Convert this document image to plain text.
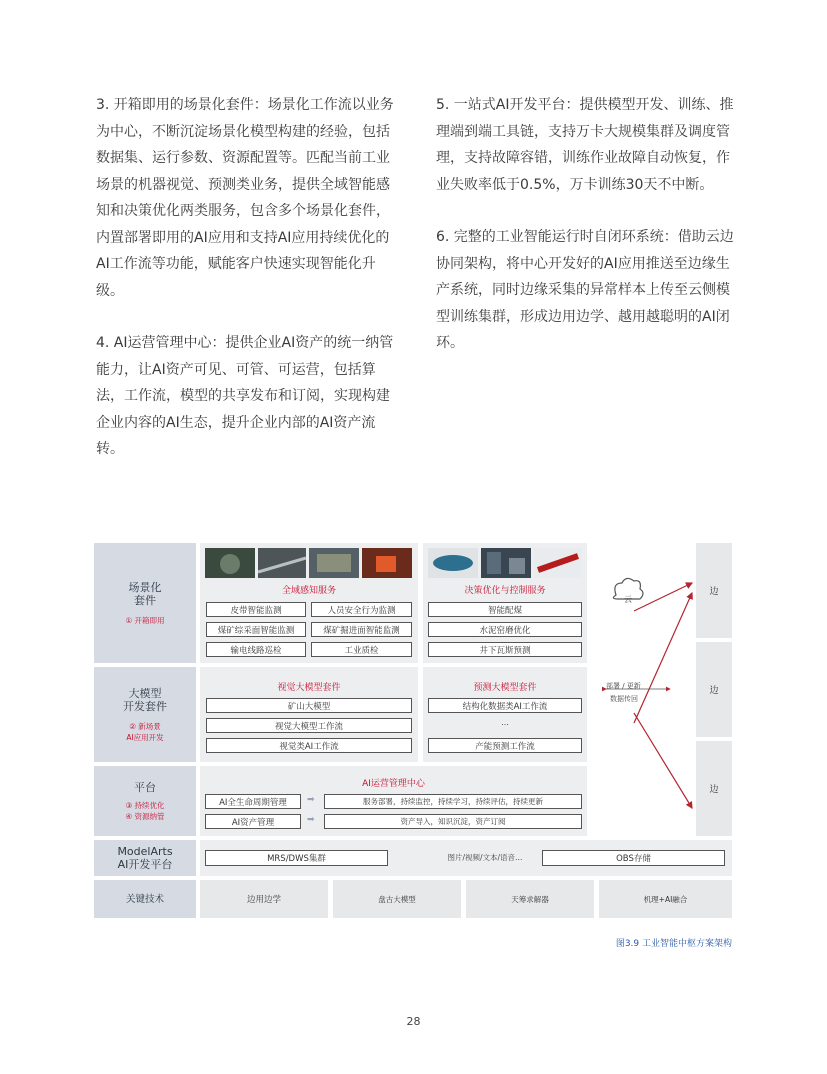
3. 开箱即用的场景化套件：场景化工作流以业务为中心，不断沉淀场景化模型构建的经验，包括数据集、运行参数、资源配置等。匹配当前工业场景的机器视觉、预测类业务，提供全域智能感知和决策优化两类服务，包含多个场景化套件，内置部署即用的AI应用和支持AI应用持续优化的AI工作流等功能，赋能客户快速实现智能化升级。

4. AI运营管理中心：提供企业AI资产的统一纳管能力，让AI资产可见、可管、可运营，包括算法，工作流，模型的共享发布和订阅，实现构建企业内容的AI生态，提升企业内部的AI资产流转。

5. 一站式AI开发平台：提供模型开发、训练、推理端到端工具链，支持万卡大规模集群及调度管理，支持故障容错，训练作业故障自动恢复，作业失败率低于0.5%，万卡训练30天不中断。

6. 完整的工业智能运行时自闭环系统：借助云边协同架构，将中心开发好的AI应用推送至边缘生产系统，同时边缘采集的异常样本上传至云侧模型训练集群，形成边用边学、越用越聪明的AI闭环。

场景化
套件
① 开箱即用
大模型
开发套件
② 新场景
AI应用开发
平台
③ 持续优化
④ 资源纳管
ModelArts
AI开发平台
关键技术
全域感知服务
皮带智能监测	人员安全行为监测
煤矿综采面智能监测	煤矿掘进面智能监测
输电线路巡检	工业质检
决策优化与控制服务
智能配煤
水泥窑磨优化
井下瓦斯预测
视觉大模型套件
矿山大模型
视觉大模型工作流
视觉类AI工作流
预测大模型套件
结构化数据类AI工作流
...
产能预测工作流
AI运营管理中心
AI全生命周期管理
AI资产管理
➡
➡
服务部署，持续监控，持续学习，持续评估，持续更新
资产导入，知识沉淀，资产订阅
MRS/DWS集群	图片/视频/文本/语音…	OBS存储
边用边学	盘古大模型	天筹求解器	机理+AI融合
边
边
边
云
部署 / 更新
数据传回
图3.9 工业智能中枢方案架构
28
